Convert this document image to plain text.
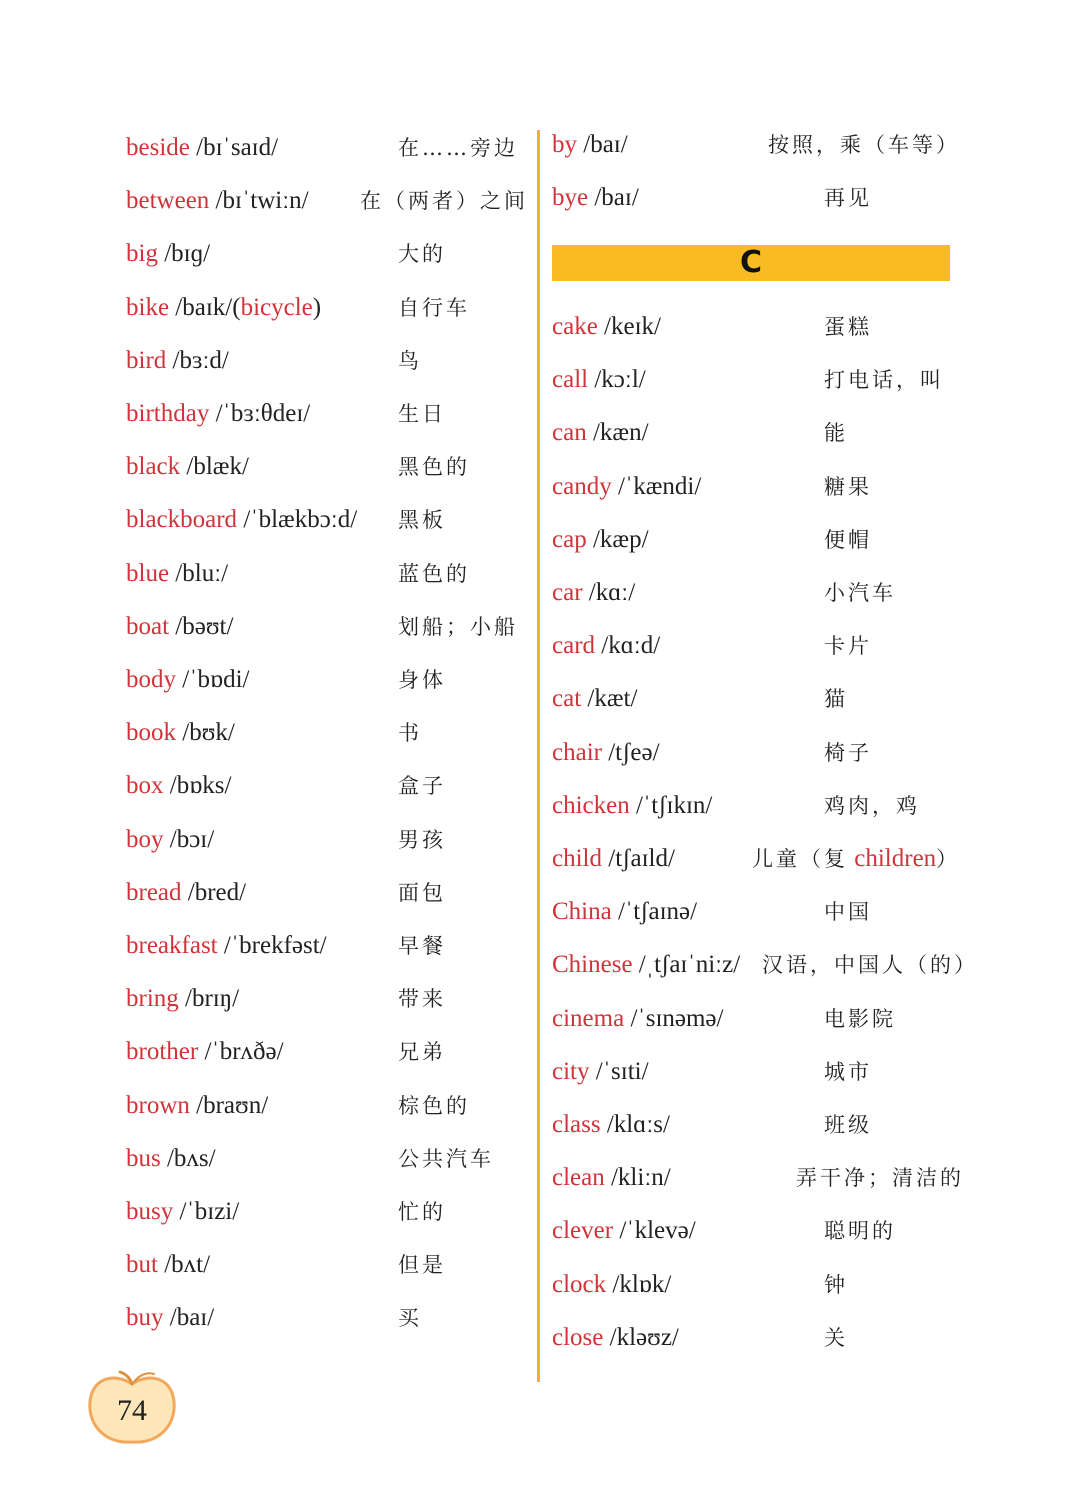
beside /bɪˈsaɪd/	在……旁边
between /bɪˈtwiːn/ 在（两者）之间
big /bɪɡ/	大的
bike /baɪk/(bicycle)	自行车
bird /bɜːd/	鸟
birthday /ˈbɜːθdeɪ/	生日
black /blæk/	黑色的
blackboard /ˈblækbɔːd/ 黑板
blue /bluː/	蓝色的
boat /bəʊt/	划船；小船
body /ˈbɒdi/	身体
book /bʊk/	书
box /bɒks/	盒子
boy /bɔɪ/	男孩
bread /bred/	面包
breakfast /ˈbrekfəst/	早餐
bring /brɪŋ/	带来
brother /ˈbrʌðə/	兄弟
brown /braʊn/	棕色的
bus /bʌs/	公共汽车
busy /ˈbɪzi/	忙的
but /bʌt/	但是
buy /baɪ/	买
by /baɪ/	按照，乘（车等）
bye /baɪ/	再见
cake /keɪk/	蛋糕
call /kɔːl/	打电话，叫
can /kæn/	能
candy /ˈkændi/	糖果
cap /kæp/	便帽
car /kɑː/	小汽车
card /kɑːd/	卡片
cat /kæt/	猫
chair /tʃeə/	椅子
chicken /ˈtʃɪkɪn/	鸡肉，鸡
child /tʃaɪld/	儿童（复 children）
China /ˈtʃaɪnə/	中国
Chinese /ˌtʃaɪˈniːz/ 汉语，中国人（的）
cinema /ˈsɪnəmə/	电影院
city /ˈsɪti/	城市
class /klɑːs/	班级
clean /kliːn/	弄干净；清洁的
clever /ˈklevə/	聪明的
clock /klɒk/	钟
close /kləʊz/	关
C
74
